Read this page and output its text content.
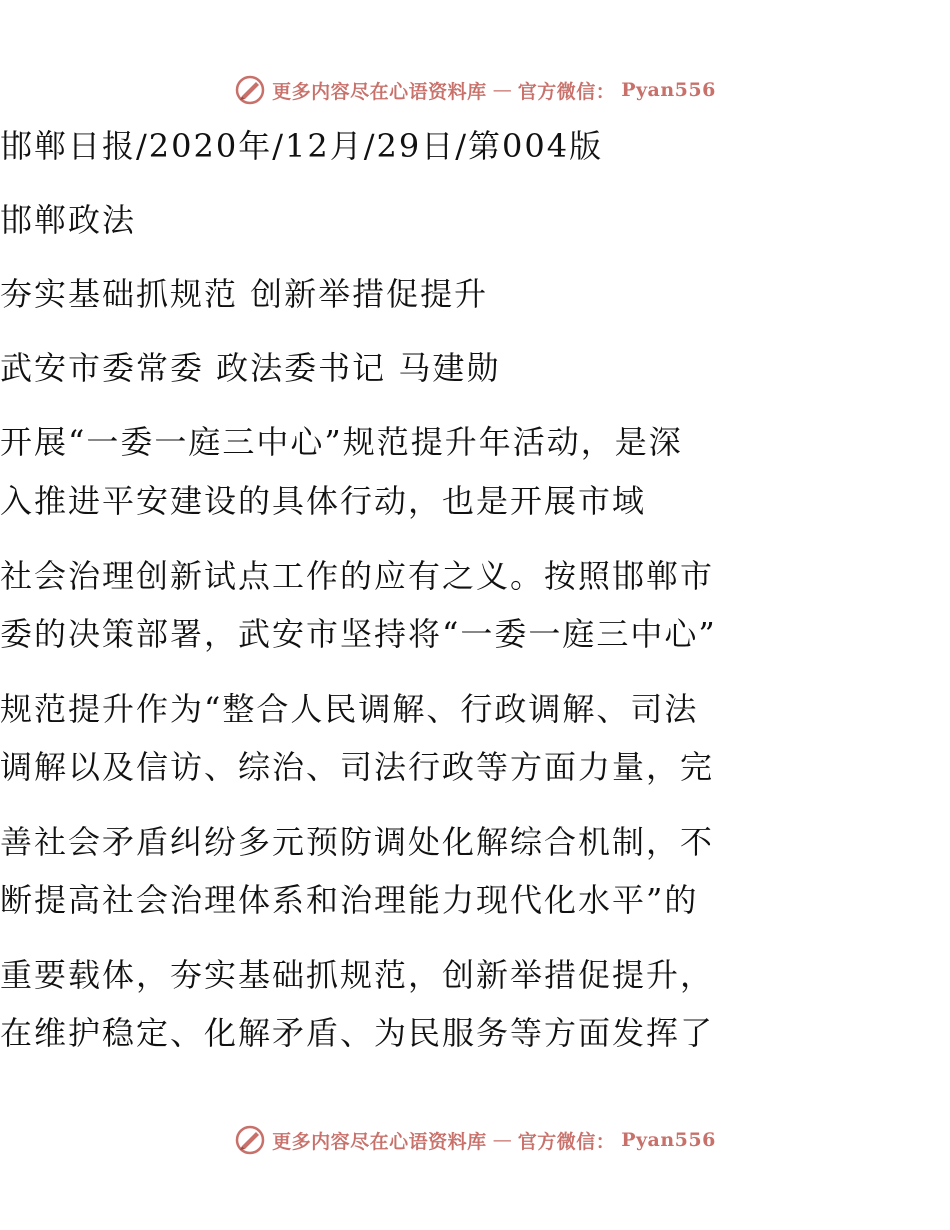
更多内容尽在心语资料库 — 官方微信： Pyan556
邯郸日报/2020年/12月/29日/第004版
邯郸政法
夯实基础抓规范 创新举措促提升
武安市委常委 政法委书记 马建勋
开展“一委一庭三中心”规范提升年活动，是深
入推进平安建设的具体行动，也是开展市域
社会治理创新试点工作的应有之义。按照邯郸市
委的决策部署，武安市坚持将“一委一庭三中心”
规范提升作为“整合人民调解、行政调解、司法
调解以及信访、综治、司法行政等方面力量，完
善社会矛盾纠纷多元预防调处化解综合机制，不
断提高社会治理体系和治理能力现代化水平”的
重要载体，夯实基础抓规范，创新举措促提升，
在维护稳定、化解矛盾、为民服务等方面发挥了
更多内容尽在心语资料库 — 官方微信： Pyan556
